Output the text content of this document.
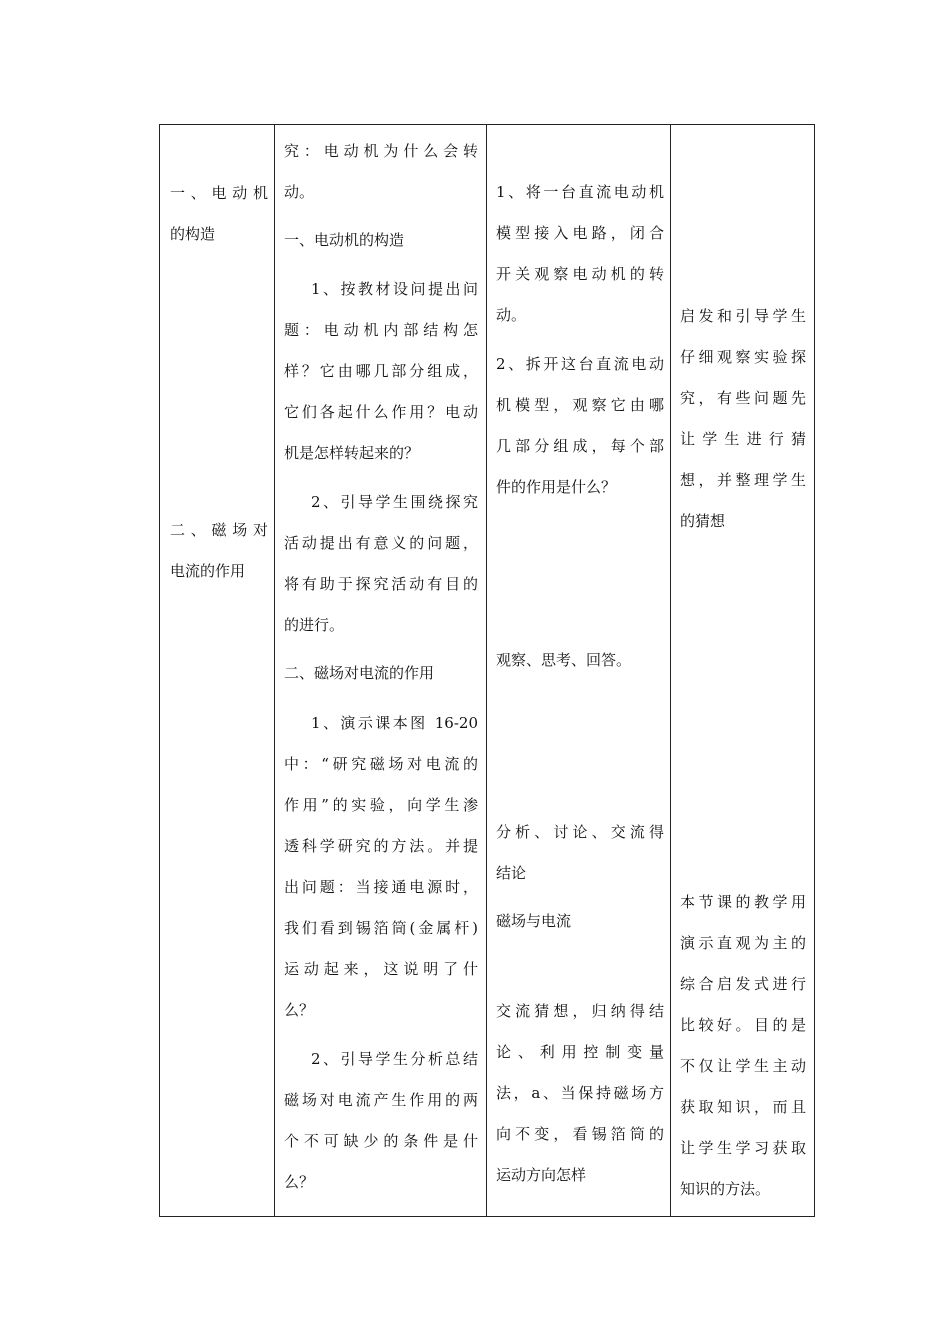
一、电动机
的构造
二、磁场对
电流的作用
究：电动机为什么会转
动。
一、电动机的构造
1、按教材设问提出问
题：电动机内部结构怎
样？它由哪几部分组成，
它们各起什么作用？电动
机是怎样转起来的？
2、引导学生围绕探究
活动提出有意义的问题，
将有助于探究活动有目的
的进行。
二、磁场对电流的作用
1、演示课本图 16-20
中：“研究磁场对电流的
作用”的实验，向学生渗
透科学研究的方法。并提
出问题：当接通电源时，
我们看到锡箔筒(金属杆)
运动起来，这说明了什
么？
2、引导学生分析总结
磁场对电流产生作用的两
个不可缺少的条件是什
么？
1、将一台直流电动机
模型接入电路，闭合
开关观察电动机的转
动。
2、拆开这台直流电动
机模型，观察它由哪
几部分组成，每个部
件的作用是什么？
观察、思考、回答。
分析、讨论、交流得
结论
磁场与电流
交流猜想，归纳得结
论、利用控制变量
法，a、当保持磁场方
向不变，看锡箔筒的
运动方向怎样
启发和引导学生
仔细观察实验探
究，有些问题先
让学生进行猜
想，并整理学生
的猜想
本节课的教学用
演示直观为主的
综合启发式进行
比较好。目的是
不仅让学生主动
获取知识，而且
让学生学习获取
知识的方法。
